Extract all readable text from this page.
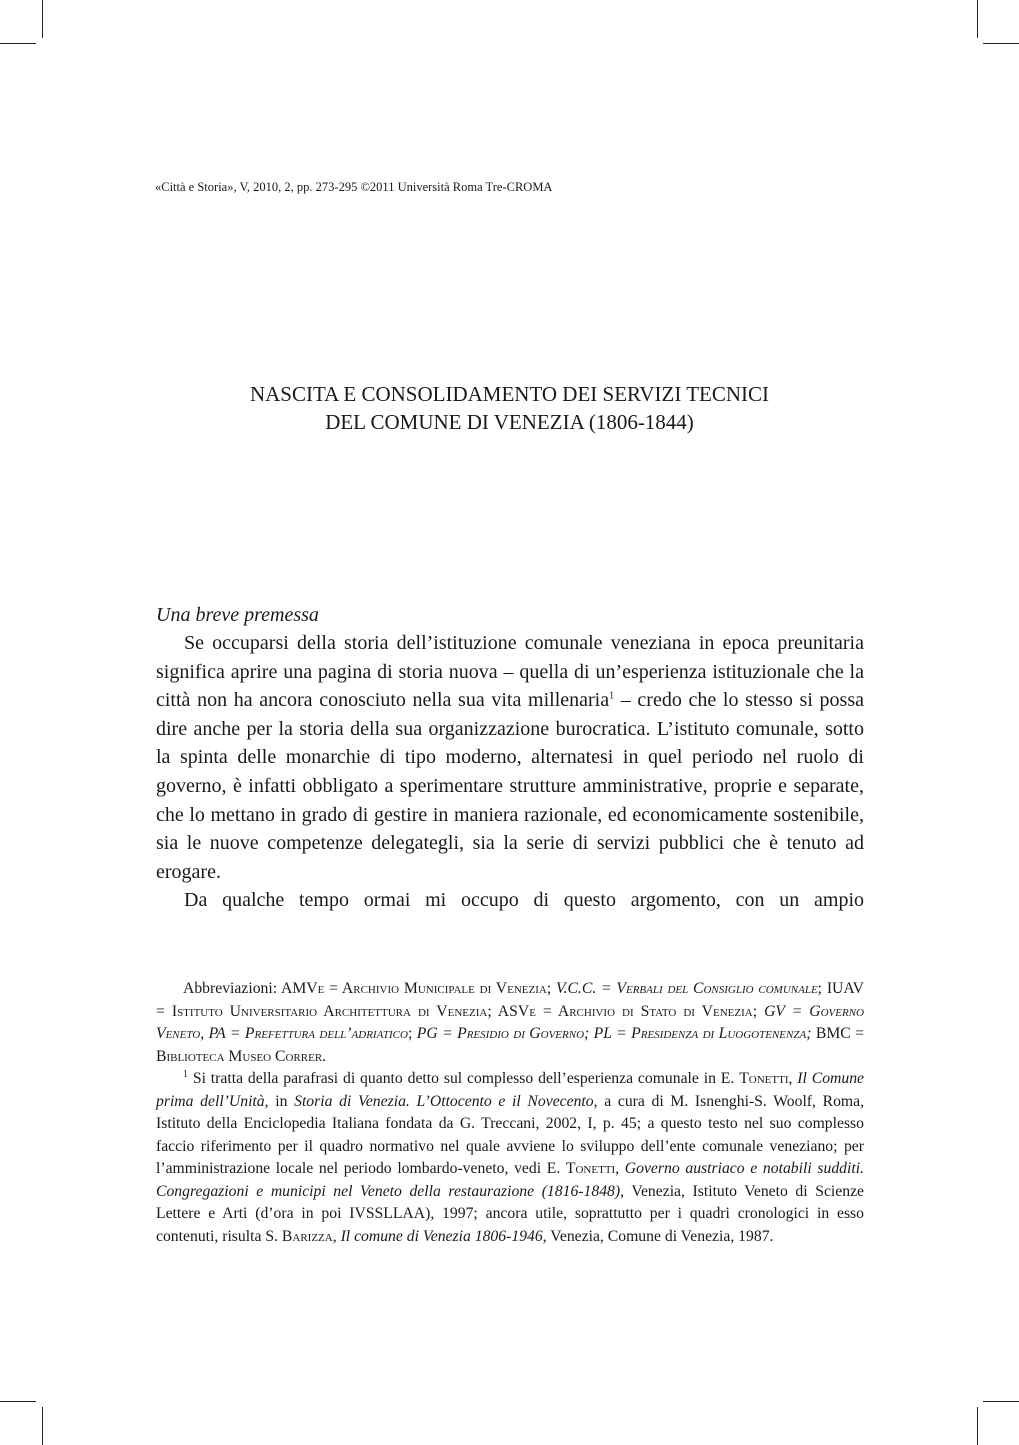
«Città e Storia», V, 2010, 2, pp. 273-295 ©2011 Università Roma Tre-CROMA
NASCITA E CONSOLIDAMENTO DEI SERVIZI TECNICI
DEL COMUNE DI VENEZIA (1806-1844)
Una breve premessa

Se occuparsi della storia dell’istituzione comunale veneziana in epoca preunitaria significa aprire una pagina di storia nuova – quella di un’esperienza istituzionale che la città non ha ancora conosciuto nella sua vita millenaria$^1$ – credo che lo stesso si possa dire anche per la storia della sua organizzazione burocratica. L’istituto comunale, sotto la spinta delle monarchie di tipo moderno, alternatesi in quel periodo nel ruolo di governo, è infatti obbligato a sperimentare strutture amministrative, proprie e separate, che lo mettano in grado di gestire in maniera razionale, ed economicamente sostenibile, sia le nuove competenze delegategli, sia la serie di servizi pubblici che è tenuto ad erogare.

Da qualche tempo ormai mi occupo di questo argomento, con un ampio

Abbreviazioni: AMVe = Archivio Municipale di Venezia; V.C.C. = Verbali del Consiglio comunale; IUAV = Istituto Universitario Architettura di Venezia; ASVe = Archivio di Stato di Venezia; GV = Governo Veneto, PA = Prefettura dell’adriatico; PG = Presidio di Governo; PL = Presidenza di Luogotenenza; BMC = Biblioteca Museo Correr.

$^1$ Si tratta della parafrasi di quanto detto sul complesso dell’esperienza comunale in E. Tonetti, Il Comune prima dell’Unità, in Storia di Venezia. L’Ottocento e il Novecento, a cura di M. Isnenghi-S. Woolf, Roma, Istituto della Enciclopedia Italiana fondata da G. Treccani, 2002, I, p. 45; a questo testo nel suo complesso faccio riferimento per il quadro normativo nel quale avviene lo sviluppo dell’ente comunale veneziano; per l’amministrazione locale nel periodo lombardo-veneto, vedi E. Tonetti, Governo austriaco e notabili sudditi. Congregazioni e municipi nel Veneto della restaurazione (1816-1848), Venezia, Istituto Veneto di Scienze Lettere e Arti (d’ora in poi IVSSLLAA), 1997; ancora utile, soprattutto per i quadri cronologici in esso contenuti, risulta S. Barizza, Il comune di Venezia 1806-1946, Venezia, Comune di Venezia, 1987.
